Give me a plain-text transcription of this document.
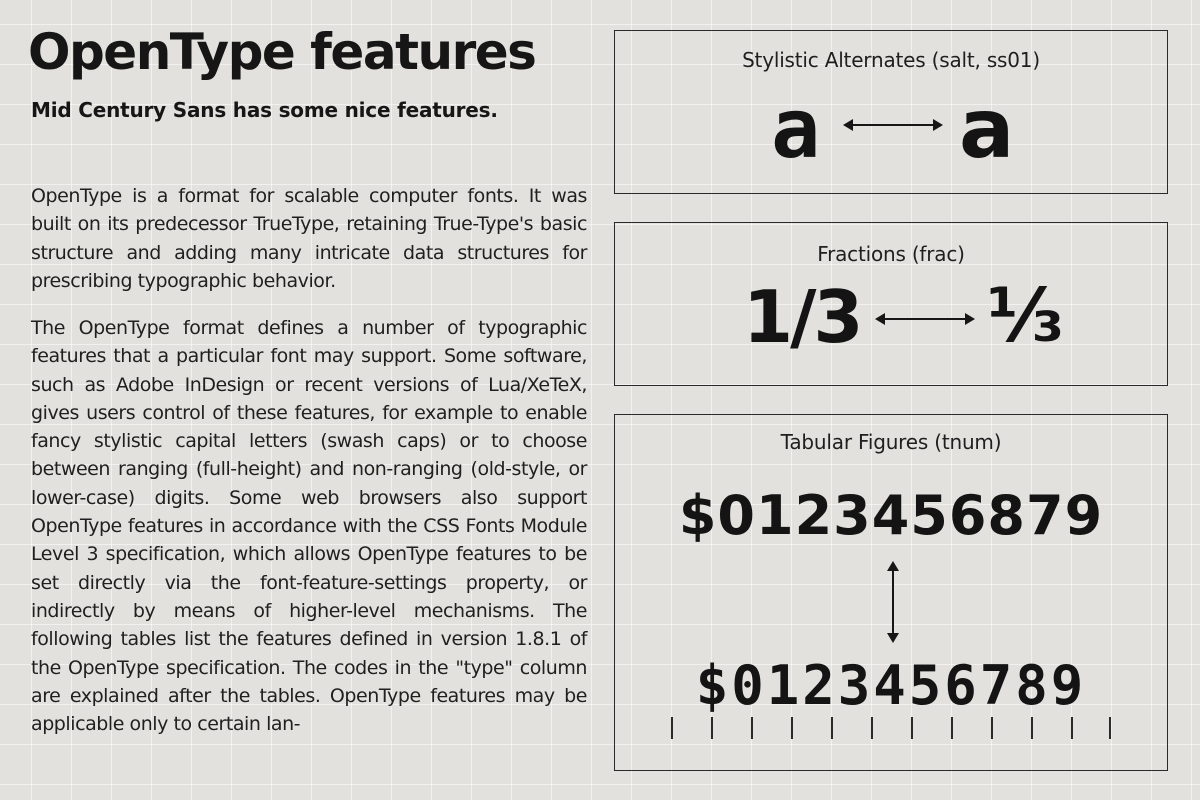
OpenType features
Mid Century Sans has some nice features.

OpenType is a format for scalable computer fonts. It was built on its predecessor TrueType, retaining True-Type's basic structure and adding many intricate data structures for prescribing typographic behavior.

The OpenType format defines a number of typographic features that a particular font may support. Some software, such as Adobe InDesign or recent versions of Lua/XeTeX, gives users control of these features, for example to enable fancy stylistic capital letters (swash caps) or to choose between ranging (full-height) and non-ranging (old-style, or lower-case) digits. Some web browsers also support OpenType features in accordance with the CSS Fonts Module Level 3 specification, which allows OpenType features to be set directly via the font-feature-settings property, or indirectly by means of higher-level mechanisms. The following tables list the features defined in version 1.8.1 of the OpenType specification. The codes in the "type" column are explained after the tables. OpenType features may be applicable only to certain lan-

Stylistic Alternates (salt, ss01)
a a
Fractions (frac)
1/3 ⅓
Tabular Figures (tnum)
$0123456879
$0123456789
